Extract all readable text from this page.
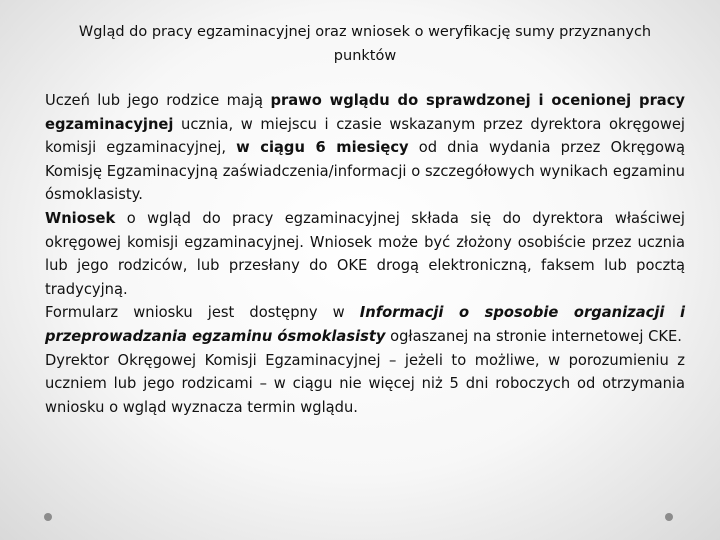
Wgląd do pracy egzaminacyjnej oraz wniosek o weryfikację sumy przyznanych punktów

Uczeń lub jego rodzice mają prawo wglądu do sprawdzonej i ocenionej pracy egzaminacyjnej ucznia, w miejscu i czasie wskazanym przez dyrektora okręgowej komisji egzaminacyjnej, w ciągu 6 miesięcy od dnia wydania przez Okręgową Komisję Egzaminacyjną zaświadczenia/informacji o szczegółowych wynikach egzaminu ósmoklasisty.

Wniosek o wgląd do pracy egzaminacyjnej składa się do dyrektora właściwej okręgowej komisji egzaminacyjnej. Wniosek może być złożony osobiście przez ucznia lub jego rodziców, lub przesłany do OKE drogą elektroniczną, faksem lub pocztą tradycyjną.

Formularz wniosku jest dostępny w Informacji o sposobie organizacji i przeprowadzania egzaminu ósmoklasisty ogłaszanej na stronie internetowej CKE.

Dyrektor Okręgowej Komisji Egzaminacyjnej – jeżeli to możliwe, w porozumieniu z uczniem lub jego rodzicami – w ciągu nie więcej niż 5 dni roboczych od otrzymania wniosku o wgląd wyznacza termin wglądu.
